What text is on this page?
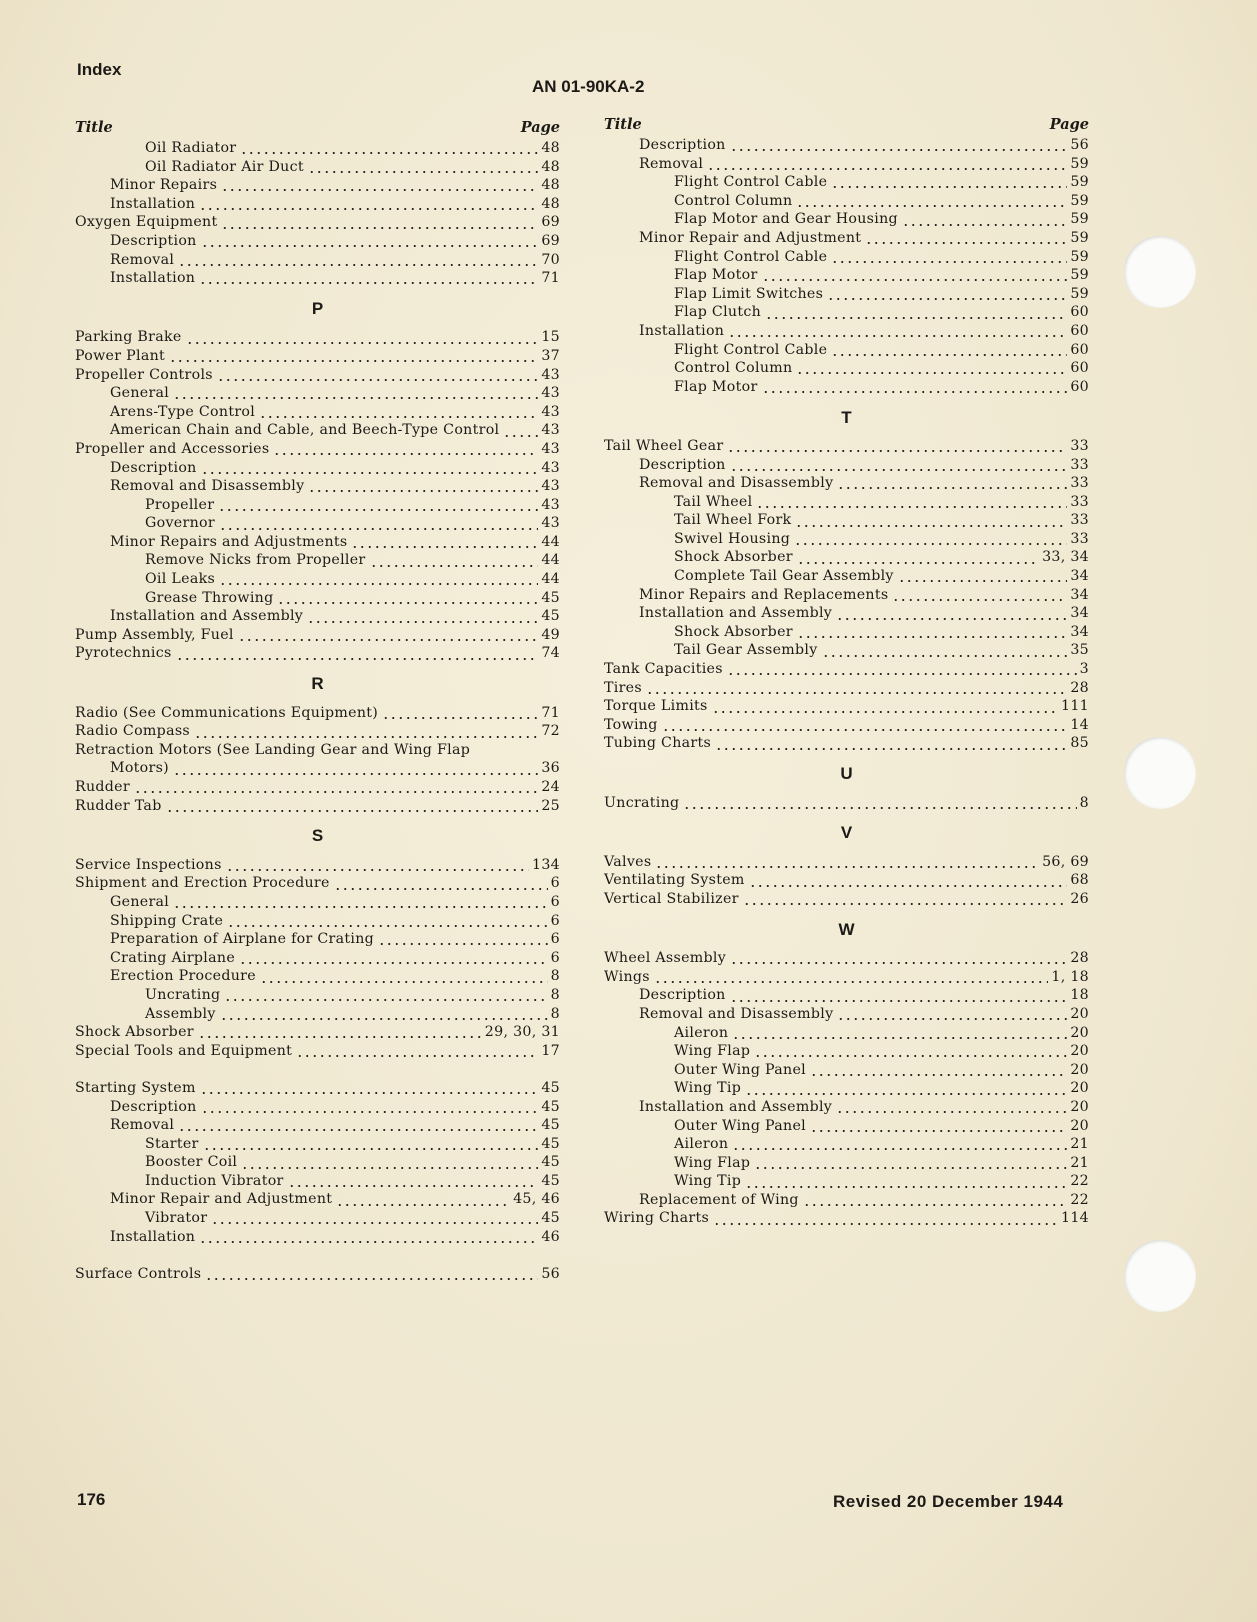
Index
AN 01-90KA-2
Title	Page
Oil Radiator	48
Oil Radiator Air Duct	48
Minor Repairs	48
Installation	48
Oxygen Equipment	69
Description	69
Removal	70
Installation	71
P
Parking Brake	15
Power Plant	37
Propeller Controls	43
General	43
Arens-Type Control	43
American Chain and Cable, and Beech-Type Control	43
Propeller and Accessories	43
Description	43
Removal and Disassembly	43
Propeller	43
Governor	43
Minor Repairs and Adjustments	44
Remove Nicks from Propeller	44
Oil Leaks	44
Grease Throwing	45
Installation and Assembly	45
Pump Assembly, Fuel	49
Pyrotechnics	74
R
Radio (See Communications Equipment)	71
Radio Compass	72
Retraction Motors (See Landing Gear and Wing Flap
Motors)	36
Rudder	24
Rudder Tab	25
S
Service Inspections	134
Shipment and Erection Procedure	6
General	6
Shipping Crate	6
Preparation of Airplane for Crating	6
Crating Airplane	6
Erection Procedure	8
Uncrating	8
Assembly	8
Shock Absorber	29, 30, 31
Special Tools and Equipment	17
Starting System	45
Description	45
Removal	45
Starter	45
Booster Coil	45
Induction Vibrator	45
Minor Repair and Adjustment	45, 46
Vibrator	45
Installation	46
Surface Controls	56
Title	Page
Description	56
Removal	59
Flight Control Cable	59
Control Column	59
Flap Motor and Gear Housing	59
Minor Repair and Adjustment	59
Flight Control Cable	59
Flap Motor	59
Flap Limit Switches	59
Flap Clutch	60
Installation	60
Flight Control Cable	60
Control Column	60
Flap Motor	60
T
Tail Wheel Gear	33
Description	33
Removal and Disassembly	33
Tail Wheel	33
Tail Wheel Fork	33
Swivel Housing	33
Shock Absorber	33, 34
Complete Tail Gear Assembly	34
Minor Repairs and Replacements	34
Installation and Assembly	34
Shock Absorber	34
Tail Gear Assembly	35
Tank Capacities	3
Tires	28
Torque Limits	111
Towing	14
Tubing Charts	85
U
Uncrating	8
V
Valves	56, 69
Ventilating System	68
Vertical Stabilizer	26
W
Wheel Assembly	28
Wings	1, 18
Description	18
Removal and Disassembly	20
Aileron	20
Wing Flap	20
Outer Wing Panel	20
Wing Tip	20
Installation and Assembly	20
Outer Wing Panel	20
Aileron	21
Wing Flap	21
Wing Tip	22
Replacement of Wing	22
Wiring Charts	114
176	Revised 20 December 1944
